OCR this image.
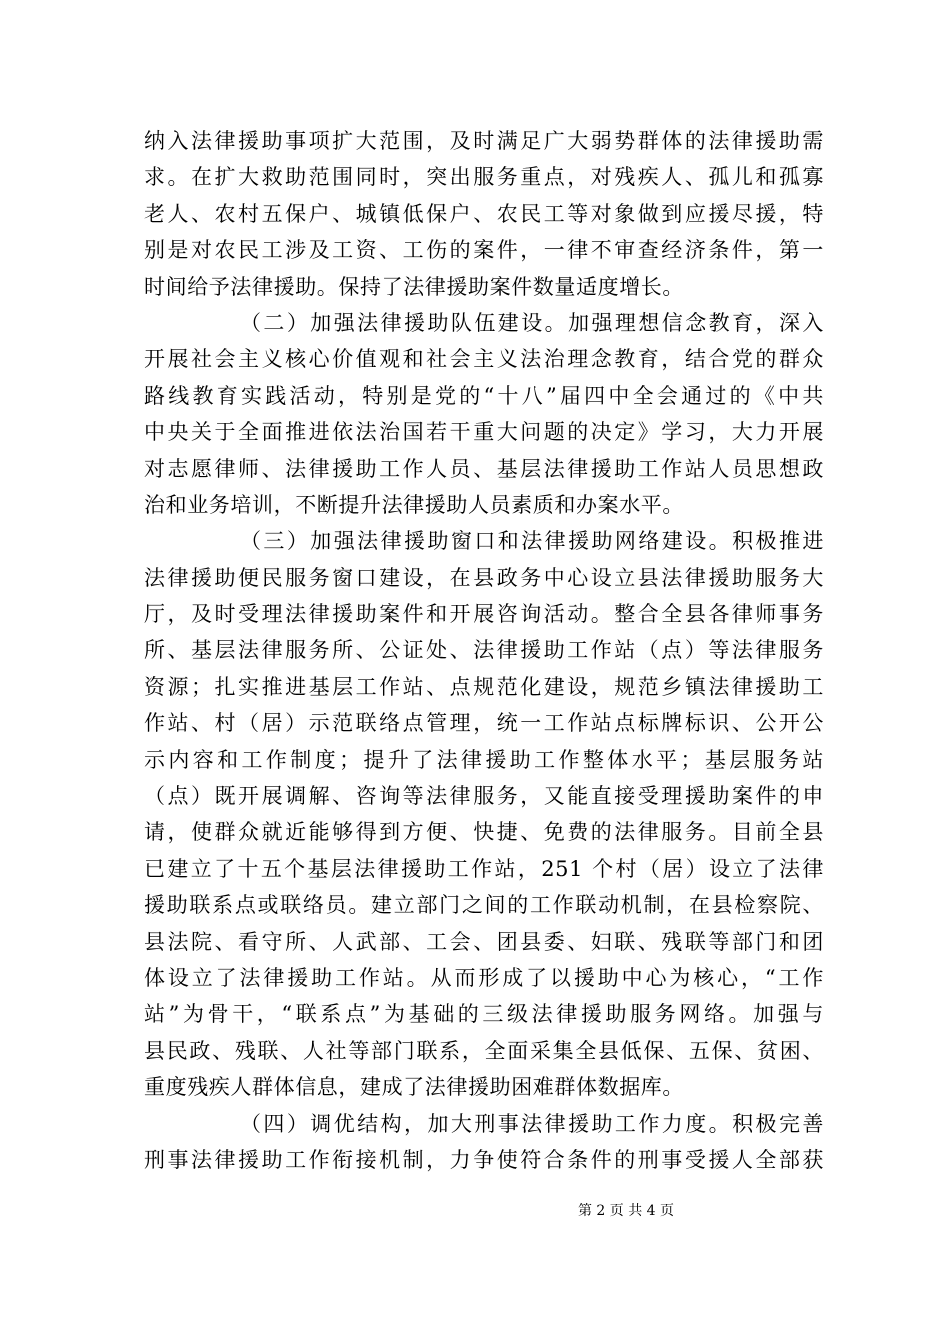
纳入法律援助事项扩大范围，及时满足广大弱势群体的法律援助需
求。在扩大救助范围同时，突出服务重点，对残疾人、孤儿和孤寡
老人、农村五保户、城镇低保户、农民工等对象做到应援尽援，特
别是对农民工涉及工资、工伤的案件，一律不审查经济条件，第一
时间给予法律援助。保持了法律援助案件数量适度增长。
（二）加强法律援助队伍建设。加强理想信念教育，深入
开展社会主义核心价值观和社会主义法治理念教育，结合党的群众
路线教育实践活动，特别是党的“十八”届四中全会通过的《中共
中央关于全面推进依法治国若干重大问题的决定》学习，大力开展
对志愿律师、法律援助工作人员、基层法律援助工作站人员思想政
治和业务培训，不断提升法律援助人员素质和办案水平。
（三）加强法律援助窗口和法律援助网络建设。积极推进
法律援助便民服务窗口建设，在县政务中心设立县法律援助服务大
厅，及时受理法律援助案件和开展咨询活动。整合全县各律师事务
所、基层法律服务所、公证处、法律援助工作站（点）等法律服务
资源；扎实推进基层工作站、点规范化建设，规范乡镇法律援助工
作站、村（居）示范联络点管理，统一工作站点标牌标识、公开公
示内容和工作制度；提升了法律援助工作整体水平；基层服务站
（点）既开展调解、咨询等法律服务，又能直接受理援助案件的申
请，使群众就近能够得到方便、快捷、免费的法律服务。目前全县
已建立了十五个基层法律援助工作站，251 个村（居）设立了法律
援助联系点或联络员。建立部门之间的工作联动机制，在县检察院、
县法院、看守所、人武部、工会、团县委、妇联、残联等部门和团
体设立了法律援助工作站。从而形成了以援助中心为核心，“工作
站”为骨干，“联系点”为基础的三级法律援助服务网络。加强与
县民政、残联、人社等部门联系，全面采集全县低保、五保、贫困、
重度残疾人群体信息，建成了法律援助困难群体数据库。
（四）调优结构，加大刑事法律援助工作力度。积极完善
刑事法律援助工作衔接机制，力争使符合条件的刑事受援人全部获
第 2 页 共 4 页
